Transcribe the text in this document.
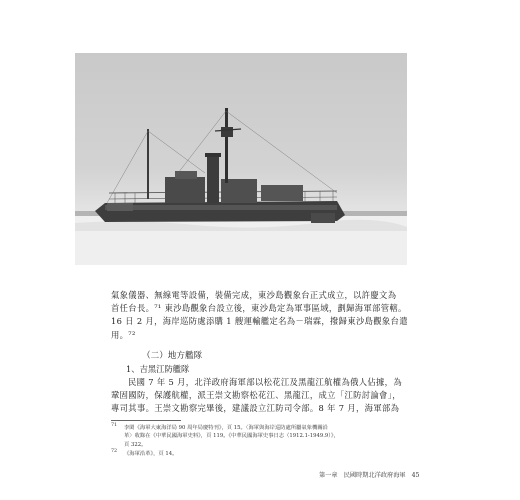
氣象儀器、無線電等設備，裝備完成，東沙島觀象台正式成立，以許慶文為
首任台長。⁷¹ 東沙島觀象台設立後，東沙島定為軍事區域，劃歸海軍部管轄。
16 日 2 月，海岸巡防處添購 1 艘運輸艦定名為－瑞霖，撥歸東沙島觀象台遣
用。⁷²
（二）地方艦隊
1、吉黑江防艦隊
民國 7 年 5 月，北洋政府海軍部以松花江及黑龍江航權為俄人佔據，為
鞏固國防，保護航權，派王崇文勘察松花江、黑龍江，成立「江防討論會」，
專司其事。王崇文勘察完畢後，建議設立江防司令部。8 年 7 月，海軍部為
71 李閎《海軍大東海洋局 90 周年局慶特刊》，頁 15。〈海軍與海岸巡防處所屬氣象機關沿
革〉收錄在《中華民國海軍史料》，頁 119。《中華民國海軍史事日志（1912.1-1949.9）》，
頁 322。
72 《海軍沿革》，頁 14。
第一章　民國時期北洋政府海軍 45
